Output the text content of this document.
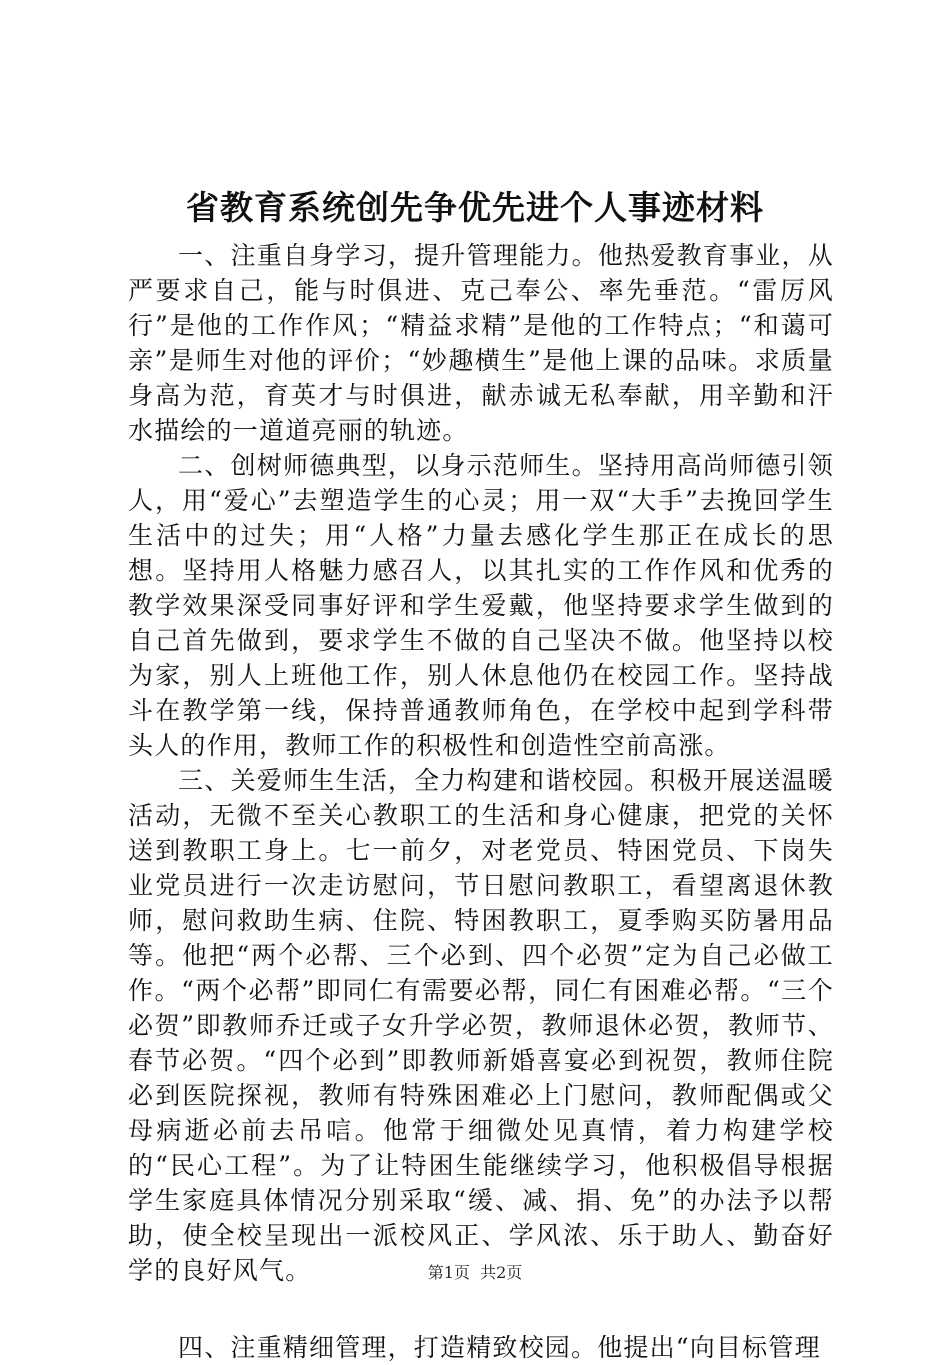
省教育系统创先争优先进个人事迹材料

一、注重自身学习，提升管理能力。他热爱教育事业，从严要求自己，能与时俱进、克己奉公、率先垂范。“雷厉风行”是他的工作作风；“精益求精”是他的工作特点；“和蔼可亲”是师生对他的评价；“妙趣横生”是他上课的品味。求质量身高为范，育英才与时俱进，献赤诚无私奉献，用辛勤和汗水描绘的一道道亮丽的轨迹。

二、创树师德典型，以身示范师生。坚持用高尚师德引领人，用“爱心”去塑造学生的心灵；用一双“大手”去挽回学生生活中的过失；用“人格”力量去感化学生那正在成长的思想。坚持用人格魅力感召人，以其扎实的工作作风和优秀的教学效果深受同事好评和学生爱戴，他坚持要求学生做到的自己首先做到，要求学生不做的自己坚决不做。他坚持以校为家，别人上班他工作，别人休息他仍在校园工作。坚持战斗在教学第一线，保持普通教师角色，在学校中起到学科带头人的作用，教师工作的积极性和创造性空前高涨。

三、关爱师生生活，全力构建和谐校园。积极开展送温暖活动，无微不至关心教职工的生活和身心健康，把党的关怀送到教职工身上。七一前夕，对老党员、特困党员、下岗失业党员进行一次走访慰问，节日慰问教职工，看望离退休教师，慰问救助生病、住院、特困教职工，夏季购买防暑用品等。他把“两个必帮、三个必到、四个必贺”定为自己必做工作。“两个必帮”即同仁有需要必帮，同仁有困难必帮。“三个必贺”即教师乔迁或子女升学必贺，教师退休必贺，教师节、春节必贺。“四个必到”即教师新婚喜宴必到祝贺，教师住院必到医院探视，教师有特殊困难必上门慰问，教师配偶或父母病逝必前去吊唁。他常于细微处见真情，着力构建学校的“民心工程”。为了让特困生能继续学习，他积极倡导根据学生家庭具体情况分别采取“缓、减、捐、免”的办法予以帮助，使全校呈现出一派校风正、学风浓、乐于助人、勤奋好学的良好风气。

四、注重精细管理，打造精致校园。他提出“向目标管理

第1页 共2页
